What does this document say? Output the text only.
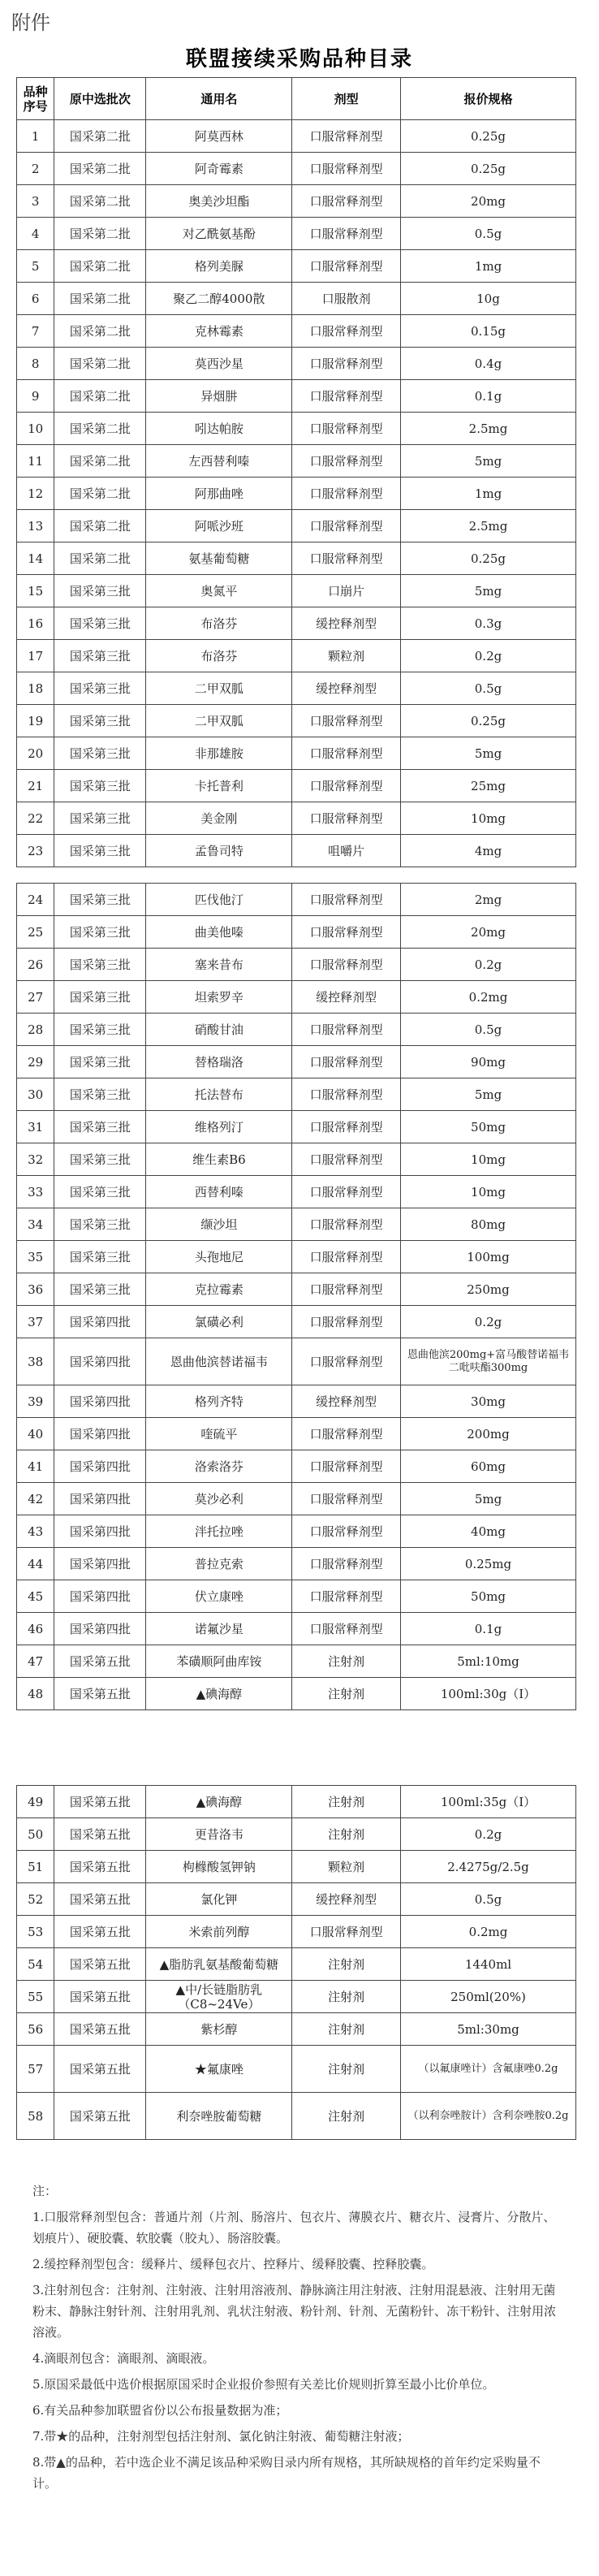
附件
联盟接续采购品种目录
品种序号	原中选批次	通用名	剂型	报价规格
1	国采第二批	阿莫西林	口服常释剂型	0.25g
2	国采第二批	阿奇霉素	口服常释剂型	0.25g
3	国采第二批	奥美沙坦酯	口服常释剂型	20mg
4	国采第二批	对乙酰氨基酚	口服常释剂型	0.5g
5	国采第二批	格列美脲	口服常释剂型	1mg
6	国采第二批	聚乙二醇4000散	口服散剂	10g
7	国采第二批	克林霉素	口服常释剂型	0.15g
8	国采第二批	莫西沙星	口服常释剂型	0.4g
9	国采第二批	异烟肼	口服常释剂型	0.1g
10	国采第二批	吲达帕胺	口服常释剂型	2.5mg
11	国采第二批	左西替利嗪	口服常释剂型	5mg
12	国采第二批	阿那曲唑	口服常释剂型	1mg
13	国采第二批	阿哌沙班	口服常释剂型	2.5mg
14	国采第二批	氨基葡萄糖	口服常释剂型	0.25g
15	国采第三批	奥氮平	口崩片	5mg
16	国采第三批	布洛芬	缓控释剂型	0.3g
17	国采第三批	布洛芬	颗粒剂	0.2g
18	国采第三批	二甲双胍	缓控释剂型	0.5g
19	国采第三批	二甲双胍	口服常释剂型	0.25g
20	国采第三批	非那雄胺	口服常释剂型	5mg
21	国采第三批	卡托普利	口服常释剂型	25mg
22	国采第三批	美金刚	口服常释剂型	10mg
23	国采第三批	孟鲁司特	咀嚼片	4mg
24	国采第三批	匹伐他汀	口服常释剂型	2mg
25	国采第三批	曲美他嗪	口服常释剂型	20mg
26	国采第三批	塞来昔布	口服常释剂型	0.2g
27	国采第三批	坦索罗辛	缓控释剂型	0.2mg
28	国采第三批	硝酸甘油	口服常释剂型	0.5g
29	国采第三批	替格瑞洛	口服常释剂型	90mg
30	国采第三批	托法替布	口服常释剂型	5mg
31	国采第三批	维格列汀	口服常释剂型	50mg
32	国采第三批	维生素B6	口服常释剂型	10mg
33	国采第三批	西替利嗪	口服常释剂型	10mg
34	国采第三批	缬沙坦	口服常释剂型	80mg
35	国采第三批	头孢地尼	口服常释剂型	100mg
36	国采第三批	克拉霉素	口服常释剂型	250mg
37	国采第四批	氯磺必利	口服常释剂型	0.2g
38	国采第四批	恩曲他滨替诺福韦	口服常释剂型	恩曲他滨200mg+富马酸替诺福韦二吡呋酯300mg
39	国采第四批	格列齐特	缓控释剂型	30mg
40	国采第四批	喹硫平	口服常释剂型	200mg
41	国采第四批	洛索洛芬	口服常释剂型	60mg
42	国采第四批	莫沙必利	口服常释剂型	5mg
43	国采第四批	泮托拉唑	口服常释剂型	40mg
44	国采第四批	普拉克索	口服常释剂型	0.25mg
45	国采第四批	伏立康唑	口服常释剂型	50mg
46	国采第四批	诺氟沙星	口服常释剂型	0.1g
47	国采第五批	苯磺顺阿曲库铵	注射剂	5ml:10mg
48	国采第五批	▲碘海醇	注射剂	100ml:30g（I）
49	国采第五批	▲碘海醇	注射剂	100ml:35g（I）
50	国采第五批	更昔洛韦	注射剂	0.2g
51	国采第五批	枸橼酸氢钾钠	颗粒剂	2.4275g/2.5g
52	国采第五批	氯化钾	缓控释剂型	0.5g
53	国采第五批	米索前列醇	口服常释剂型	0.2mg
54	国采第五批	▲脂肪乳氨基酸葡萄糖	注射剂	1440ml
55	国采第五批	▲中/长链脂肪乳（C8~24Ve）	注射剂	250ml(20%)
56	国采第五批	紫杉醇	注射剂	5ml:30mg
57	国采第五批	★氟康唑	注射剂	（以氟康唑计）含氟康唑0.2g
58	国采第五批	利奈唑胺葡萄糖	注射剂	（以利奈唑胺计）含利奈唑胺0.2g

注：

1.口服常释剂型包含：普通片剂（片剂、肠溶片、包衣片、薄膜衣片、糖衣片、浸膏片、分散片、划痕片）、硬胶囊、软胶囊（胶丸）、肠溶胶囊。

2.缓控释剂型包含：缓释片、缓释包衣片、控释片、缓释胶囊、控释胶囊。

3.注射剂包含：注射剂、注射液、注射用溶液剂、静脉滴注用注射液、注射用混悬液、注射用无菌粉末、静脉注射针剂、注射用乳剂、乳状注射液、粉针剂、针剂、无菌粉针、冻干粉针、注射用浓溶液。

4.滴眼剂包含：滴眼剂、滴眼液。

5.原国采最低中选价根据原国采时企业报价参照有关差比价规则折算至最小比价单位。

6.有关品种参加联盟省份以公布报量数据为准；

7.带★的品种，注射剂型包括注射剂、氯化钠注射液、葡萄糖注射液；

8.带▲的品种，若中选企业不满足该品种采购目录内所有规格，其所缺规格的首年约定采购量不计。
